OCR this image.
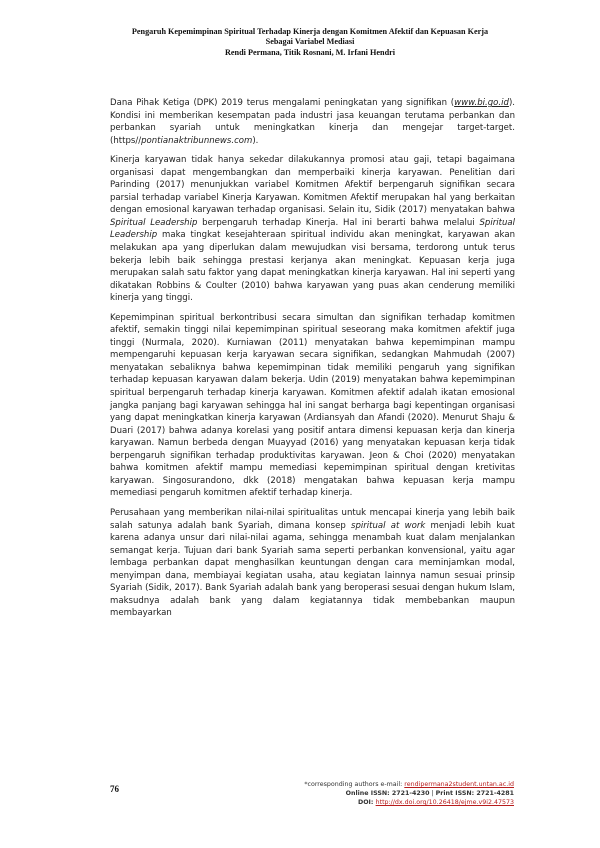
Pengaruh Kepemimpinan Spiritual Terhadap Kinerja dengan Komitmen Afektif dan Kepuasan Kerja
Sebagai Variabel Mediasi
Rendi Permana, Titik Rosnani, M. Irfani Hendri

Dana Pihak Ketiga (DPK) 2019 terus mengalami peningkatan yang signifikan (www.bi.go.id). Kondisi ini memberikan kesempatan pada industri jasa keuangan terutama perbankan dan perbankan syariah untuk meningkatkan kinerja dan mengejar target-target. (https//pontianaktribunnews.com).

Kinerja karyawan tidak hanya sekedar dilakukannya promosi atau gaji, tetapi bagaimana organisasi dapat mengembangkan dan memperbaiki kinerja karyawan. Penelitian dari Parinding (2017) menunjukkan variabel Komitmen Afektif berpengaruh signifikan secara parsial terhadap variabel Kinerja Karyawan. Komitmen Afektif merupakan hal yang berkaitan dengan emosional karyawan terhadap organisasi. Selain itu, Sidik (2017) menyatakan bahwa Spiritual Leadership berpengaruh terhadap Kinerja. Hal ini berarti bahwa melalui Spiritual Leadership maka tingkat kesejahteraan spiritual individu akan meningkat, karyawan akan melakukan apa yang diperlukan dalam mewujudkan visi bersama, terdorong untuk terus bekerja lebih baik sehingga prestasi kerjanya akan meningkat. Kepuasan kerja juga merupakan salah satu faktor yang dapat meningkatkan kinerja karyawan. Hal ini seperti yang dikatakan Robbins & Coulter (2010) bahwa karyawan yang puas akan cenderung memiliki kinerja yang tinggi.

Kepemimpinan spiritual berkontribusi secara simultan dan signifikan terhadap komitmen afektif, semakin tinggi nilai kepemimpinan spiritual seseorang maka komitmen afektif juga tinggi (Nurmala, 2020). Kurniawan (2011) menyatakan bahwa kepemimpinan mampu mempengaruhi kepuasan kerja karyawan secara signifikan, sedangkan Mahmudah (2007) menyatakan sebaliknya bahwa kepemimpinan tidak memiliki pengaruh yang signifikan terhadap kepuasan karyawan dalam bekerja. Udin (2019) menyatakan bahwa kepemimpinan spiritual berpengaruh terhadap kinerja karyawan. Komitmen afektif adalah ikatan emosional jangka panjang bagi karyawan sehingga hal ini sangat berharga bagi kepentingan organisasi yang dapat meningkatkan kinerja karyawan (Ardiansyah dan Afandi (2020). Menurut Shaju & Duari (2017) bahwa adanya korelasi yang positif antara dimensi kepuasan kerja dan kinerja karyawan. Namun berbeda dengan Muayyad (2016) yang menyatakan kepuasan kerja tidak berpengaruh signifikan terhadap produktivitas karyawan. Jeon & Choi (2020) menyatakan bahwa komitmen afektif mampu memediasi kepemimpinan spiritual dengan kretivitas karyawan. Singosurandono, dkk (2018) mengatakan bahwa kepuasan kerja mampu memediasi pengaruh komitmen afektif terhadap kinerja.

Perusahaan yang memberikan nilai-nilai spiritualitas untuk mencapai kinerja yang lebih baik salah satunya adalah bank Syariah, dimana konsep spiritual at work menjadi lebih kuat karena adanya unsur dari nilai-nilai agama, sehingga menambah kuat dalam menjalankan semangat kerja. Tujuan dari bank Syariah sama seperti perbankan konvensional, yaitu agar lembaga perbankan dapat menghasilkan keuntungan dengan cara meminjamkan modal, menyimpan dana, membiayai kegiatan usaha, atau kegiatan lainnya namun sesuai prinsip Syariah (Sidik, 2017). Bank Syariah adalah bank yang beroperasi sesuai dengan hukum Islam, maksudnya adalah bank yang dalam kegiatannya tidak membebankan maupun membayarkan

76	*corresponding authors e-mail: rendipermana2student.untan.ac.id
Online ISSN: 2721-4230 | Print ISSN: 2721-4281
DOI: http://dx.doi.org/10.26418/ejme.v9i2.47573
